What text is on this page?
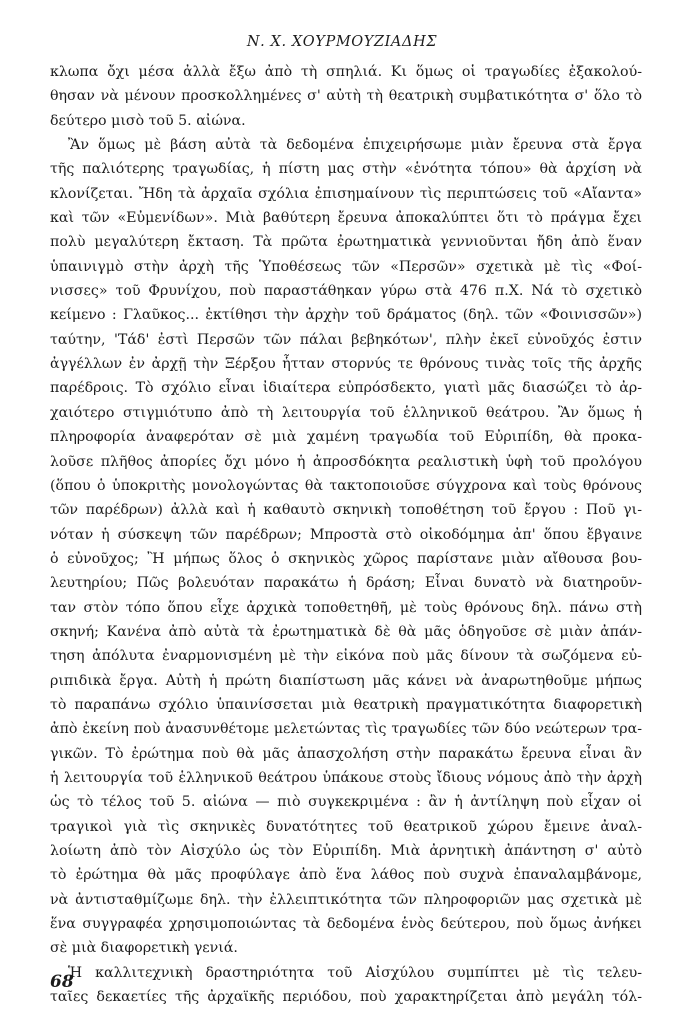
Ν. Χ. ΧΟΥΡΜΟΥΖΙΑΔΗΣ
κλωπα ὄχι μέσα ἀλλὰ ἔξω ἀπὸ τὴ σπηλιά. Κι ὅμως οἱ τραγωδίες ἐξακολού-
θησαν νὰ μένουν προσκολλημένες σ' αὐτὴ τὴ θεατρικὴ συμβατικότητα σ' ὅλο τὸ
δεύτερο μισὸ τοῦ 5. αἰώνα.
Ἂν ὅμως μὲ βάση αὐτὰ τὰ δεδομένα ἐπιχειρήσωμε μιὰν ἔρευνα στὰ ἔργα
τῆς παλιότερης τραγωδίας, ἡ πίστη μας στὴν «ἑνότητα τόπου» θὰ ἀρχίση νὰ
κλονίζεται. Ἤδη τὰ ἀρχαῖα σχόλια ἐπισημαίνουν τὶς περιπτώσεις τοῦ «Αἴαντα»
καὶ τῶν «Εὐμενίδων». Μιὰ βαθύτερη ἔρευνα ἀποκαλύπτει ὅτι τὸ πράγμα ἔχει
πολὺ μεγαλύτερη ἔκταση. Τὰ πρῶτα ἐρωτηματικὰ γεννιοῦνται ἤδη ἀπὸ ἕναν
ὑπαινιγμὸ στὴν ἀρχὴ τῆς Ὑποθέσεως τῶν «Περσῶν» σχετικὰ μὲ τὶς «Φοί-
νισσες» τοῦ Φρυνίχου, ποὺ παραστάθηκαν γύρω στὰ 476 π.Χ. Νά τὸ σχετικὸ
κείμενο : Γλαῦκος... ἐκτίθησι τὴν ἀρχὴν τοῦ δράματος (δηλ. τῶν «Φοινισσῶν»)
ταύτην, 'Τάδ' ἐστὶ Περσῶν τῶν πάλαι βεβηκότων', πλὴν ἐκεῖ εὐνοῦχός ἐστιν
ἀγγέλλων ἐν ἀρχῇ τὴν Ξέρξου ἧτταν στορνύς τε θρόνους τινὰς τοῖς τῆς ἀρχῆς
παρέδροις. Τὸ σχόλιο εἶναι ἰδιαίτερα εὐπρόσδεκτο, γιατὶ μᾶς διασώζει τὸ ἀρ-
χαιότερο στιγμιότυπο ἀπὸ τὴ λειτουργία τοῦ ἑλληνικοῦ θεάτρου. Ἂν ὅμως ἡ
πληροφορία ἀναφερόταν σὲ μιὰ χαμένη τραγωδία τοῦ Εὐριπίδη, θὰ προκα-
λοῦσε πλῆθος ἀπορίες ὄχι μόνο ἡ ἀπροσδόκητα ρεαλιστικὴ ὑφὴ τοῦ προλόγου
(ὅπου ὁ ὑποκριτὴς μονολογώντας θὰ τακτοποιοῦσε σύγχρονα καὶ τοὺς θρόνους
τῶν παρέδρων) ἀλλὰ καὶ ἡ καθαυτὸ σκηνικὴ τοποθέτηση τοῦ ἔργου : Ποῦ γι-
νόταν ἡ σύσκεψη τῶν παρέδρων; Μπροστὰ στὸ οἰκοδόμημα ἀπ' ὅπου ἔβγαινε
ὁ εὐνοῦχος; Ἢ μήπως ὅλος ὁ σκηνικὸς χῶρος παρίστανε μιὰν αἴθουσα βου-
λευτηρίου; Πῶς βολευόταν παρακάτω ἡ δράση; Εἶναι δυνατὸ νὰ διατηροῦν-
ταν στὸν τόπο ὅπου εἶχε ἀρχικὰ τοποθετηθῆ, μὲ τοὺς θρόνους δηλ. πάνω στὴ
σκηνή; Κανένα ἀπὸ αὐτὰ τὰ ἐρωτηματικὰ δὲ θὰ μᾶς ὁδηγοῦσε σὲ μιὰν ἀπάν-
τηση ἀπόλυτα ἐναρμονισμένη μὲ τὴν εἰκόνα ποὺ μᾶς δίνουν τὰ σωζόμενα εὐ-
ριπιδικὰ ἔργα. Αὐτὴ ἡ πρώτη διαπίστωση μᾶς κάνει νὰ ἀναρωτηθοῦμε μήπως
τὸ παραπάνω σχόλιο ὑπαινίσσεται μιὰ θεατρικὴ πραγματικότητα διαφορετικὴ
ἀπὸ ἐκείνη ποὺ ἀνασυνθέτομε μελετώντας τὶς τραγωδίες τῶν δύο νεώτερων τρα-
γικῶν. Τὸ ἐρώτημα ποὺ θὰ μᾶς ἀπασχολήση στὴν παρακάτω ἔρευνα εἶναι ἂν
ἡ λειτουργία τοῦ ἑλληνικοῦ θεάτρου ὑπάκουε στοὺς ἴδιους νόμους ἀπὸ τὴν ἀρχὴ
ὡς τὸ τέλος τοῦ 5. αἰώνα — πιὸ συγκεκριμένα : ἂν ἡ ἀντίληψη ποὺ εἶχαν οἱ
τραγικοὶ γιὰ τὶς σκηνικὲς δυνατότητες τοῦ θεατρικοῦ χώρου ἔμεινε ἀναλ-
λοίωτη ἀπὸ τὸν Αἰσχύλο ὡς τὸν Εὐριπίδη. Μιὰ ἀρνητικὴ ἀπάντηση σ' αὐτὸ
τὸ ἐρώτημα θὰ μᾶς προφύλαγε ἀπὸ ἕνα λάθος ποὺ συχνὰ ἐπαναλαμβάνομε,
νὰ ἀντισταθμίζωμε δηλ. τὴν ἐλλειπτικότητα τῶν πληροφοριῶν μας σχετικὰ μὲ
ἕνα συγγραφέα χρησιμοποιώντας τὰ δεδομένα ἑνὸς δεύτερου, ποὺ ὅμως ἀνήκει
σὲ μιὰ διαφορετικὴ γενιά.
Ἡ καλλιτεχνικὴ δραστηριότητα τοῦ Αἰσχύλου συμπίπτει μὲ τὶς τελευ-
ταῖες δεκαετίες τῆς ἀρχαϊκῆς περιόδου, ποὺ χαρακτηρίζεται ἀπὸ μεγάλη τόλ-
68
